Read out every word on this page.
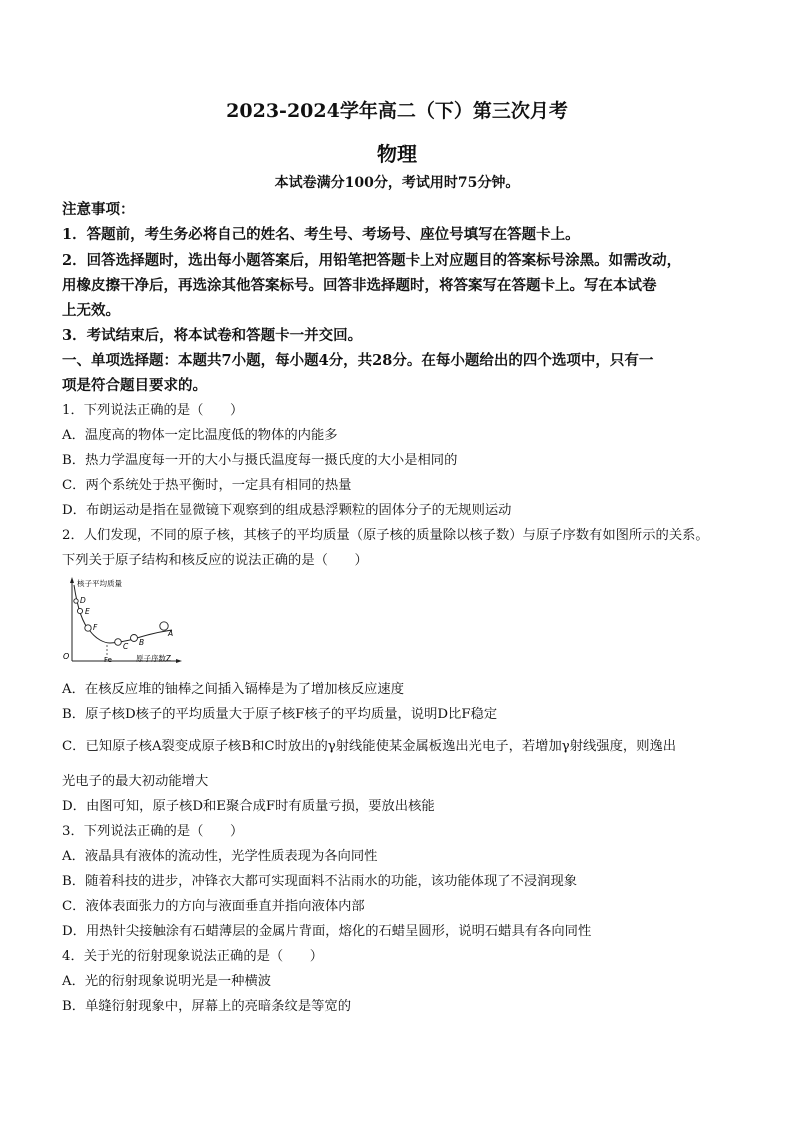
2023-2024学年高二（下）第三次月考
物理
本试卷满分100分，考试用时75分钟。
注意事项：
1．答题前，考生务必将自己的姓名、考生号、考场号、座位号填写在答题卡上。
2．回答选择题时，选出每小题答案后，用铅笔把答题卡上对应题目的答案标号涂黑。如需改动，
用橡皮擦干净后，再选涂其他答案标号。回答非选择题时，将答案写在答题卡上。写在本试卷
上无效。
3．考试结束后，将本试卷和答题卡一并交回。
一、单项选择题：本题共7小题，每小题4分，共28分。在每小题给出的四个选项中，只有一
项是符合题目要求的。
1．下列说法正确的是（　　）
A．温度高的物体一定比温度低的物体的内能多
B．热力学温度每一开的大小与摄氏温度每一摄氏度的大小是相同的
C．两个系统处于热平衡时，一定具有相同的热量
D．布朗运动是指在显微镜下观察到的组成悬浮颗粒的固体分子的无规则运动
2．人们发现，不同的原子核，其核子的平均质量（原子核的质量除以核子数）与原子序数有如图所示的关系。
下列关于原子结构和核反应的说法正确的是（　　）
核子平均质量
O	原子序数Z
Fe
D
E
F
C B
A
A．在核反应堆的铀棒之间插入镉棒是为了增加核反应速度
B．原子核D核子的平均质量大于原子核F核子的平均质量，说明D比F稳定
C．已知原子核A裂变成原子核B和C时放出的γ射线能使某金属板逸出光电子，若增加γ射线强度，则逸出
光电子的最大初动能增大
D．由图可知，原子核D和E聚合成F时有质量亏损，要放出核能
3．下列说法正确的是（　　）
A．液晶具有液体的流动性，光学性质表现为各向同性
B．随着科技的进步，冲锋衣大都可实现面料不沾雨水的功能，该功能体现了不浸润现象
C．液体表面张力的方向与液面垂直并指向液体内部
D．用热针尖接触涂有石蜡薄层的金属片背面，熔化的石蜡呈圆形，说明石蜡具有各向同性
4．关于光的衍射现象说法正确的是（　　）
A．光的衍射现象说明光是一种横波
B．单缝衍射现象中，屏幕上的亮暗条纹是等宽的
